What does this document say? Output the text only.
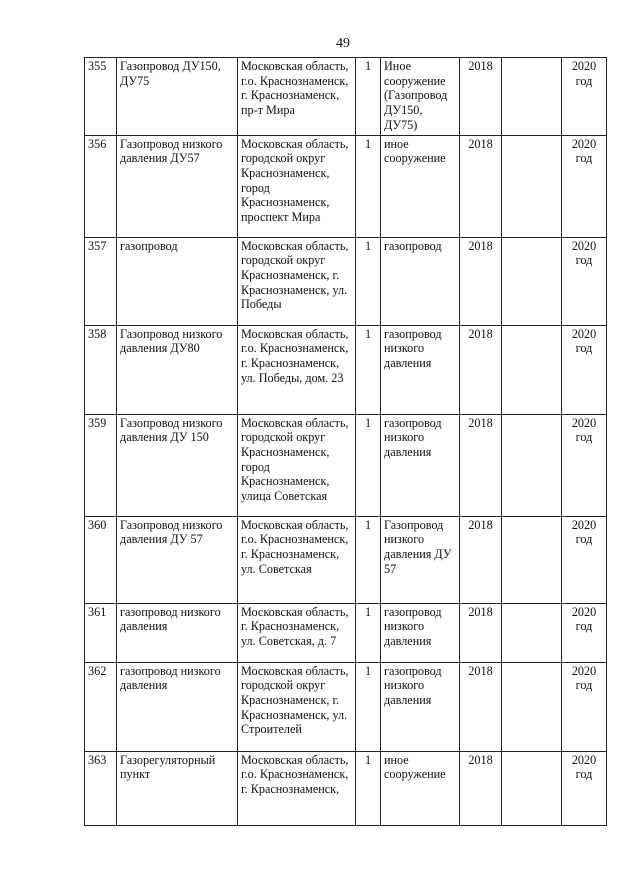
49
355	Газопровод ДУ150, ДУ75	Московская область, г.о. Краснознаменск, г. Краснознаменск, пр-т Мира	1	Иное сооружение (Газопровод ДУ150, ДУ75)	2018		2020 год
356	Газопровод низкого давления ДУ57	Московская область, городской округ Краснознаменск, город Краснознаменск, проспект Мира	1	иное сооружение	2018		2020 год
357	газопровод	Московская область, городской округ Краснознаменск, г. Краснознаменск, ул. Победы	1	газопровод	2018		2020 год
358	Газопровод низкого давления ДУ80	Московская область, г.о. Краснознаменск, г. Краснознаменск, ул. Победы, дом. 23	1	газопровод низкого давления	2018		2020 год
359	Газопровод низкого давления ДУ 150	Московская область, городской округ Краснознаменск, город Краснознаменск, улица Советская	1	газопровод низкого давления	2018		2020 год
360	Газопровод низкого давления ДУ 57	Московская область, г.о. Краснознаменск, г. Краснознаменск, ул. Советская	1	Газопровод низкого давления ДУ 57	2018		2020 год
361	газопровод низкого давления	Московская область, г. Краснознаменск, ул. Советская, д. 7	1	газопровод низкого давления	2018		2020 год
362	газопровод низкого давления	Московская область, городской округ Краснознаменск, г. Краснознаменск, ул. Строителей	1	газопровод низкого давления	2018		2020 год
363	Газорегуляторный пункт	Московская область, г.о. Краснознаменск, г. Краснознаменск,	1	иное сооружение	2018		2020 год
